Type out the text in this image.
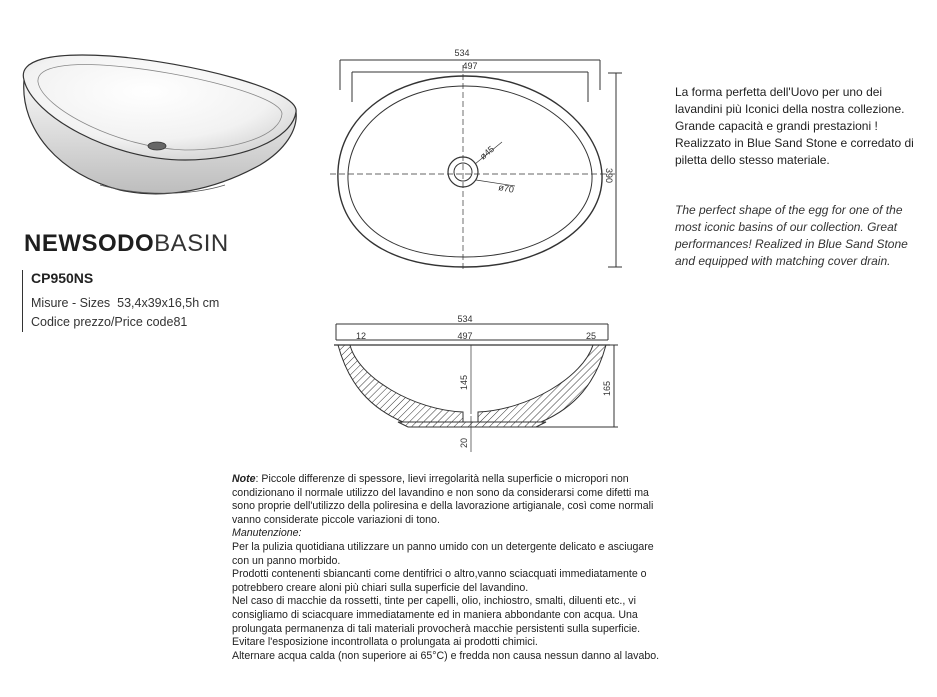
NEWSODOBASIN
CP950NS
Misure - Sizes 53,4x39x16,5h cm
Codice prezzo/Price code81
534
497
390
ø45
ø70
534
497
12	25
145	165
20
La forma perfetta dell'Uovo per uno dei lavandini più Iconici della nostra collezione. Grande capacità e grandi prestazioni ! Realizzato in Blue Sand Stone e corredato di piletta dello stesso materiale.
The perfect shape of the egg for one of the most iconic basins of our collection. Great performances! Realized in Blue Sand Stone and equipped with matching cover drain.

Note: Piccole differenze di spessore, lievi irregolarità nella superficie o micropori non condizionano il normale utilizzo del lavandino e non sono da considerarsi come difetti ma sono proprie dell'utilizzo della poliresina e della lavorazione artigianale, così come normali vanno considerate piccole variazioni di tono.

Manutenzione:

Per la pulizia quotidiana utilizzare un panno umido con un detergente delicato e asciugare con un panno morbido.

Prodotti contenenti sbiancanti come dentifrici o altro,vanno sciacquati immediatamente o potrebbero creare aloni più chiari sulla superficie del lavandino.

Nel caso di macchie da rossetti, tinte per capelli, olio, inchiostro, smalti, diluenti etc., vi consigliamo di sciacquare immediatamente ed in maniera abbondante con acqua. Una prolungata permanenza di tali materiali provocherà macchie persistenti sulla superficie. Evitare l'esposizione incontrollata o prolungata ai prodotti chimici.

Alternare acqua calda (non superiore ai 65°C) e fredda non causa nessun danno al lavabo.
